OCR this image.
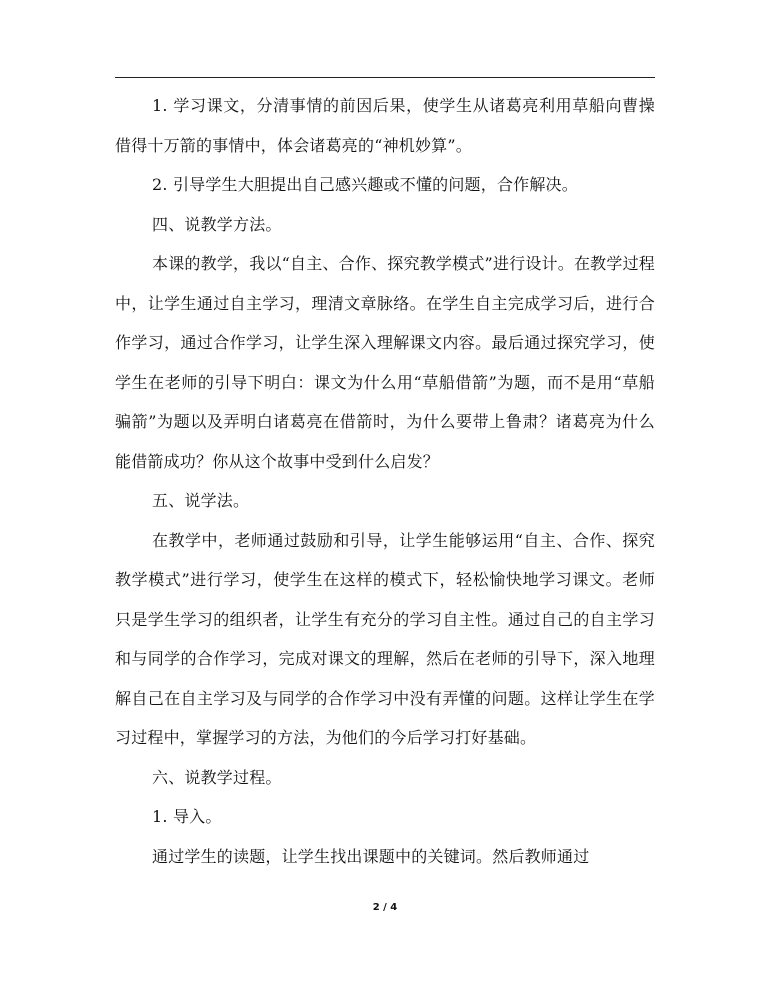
1. 学习课文，分清事情的前因后果，使学生从诸葛亮利用草船向曹操借得十万箭的事情中，体会诸葛亮的“神机妙算”。

2. 引导学生大胆提出自己感兴趣或不懂的问题，合作解决。

四、说教学方法。

本课的教学，我以“自主、合作、探究教学模式”进行设计。在教学过程中，让学生通过自主学习，理清文章脉络。在学生自主完成学习后，进行合作学习，通过合作学习，让学生深入理解课文内容。最后通过探究学习，使学生在老师的引导下明白：课文为什么用“草船借箭”为题，而不是用“草船骗箭”为题以及弄明白诸葛亮在借箭时，为什么要带上鲁肃？诸葛亮为什么能借箭成功？你从这个故事中受到什么启发？

五、说学法。

在教学中，老师通过鼓励和引导，让学生能够运用“自主、合作、探究教学模式”进行学习，使学生在这样的模式下，轻松愉快地学习课文。老师只是学生学习的组织者，让学生有充分的学习自主性。通过自己的自主学习和与同学的合作学习，完成对课文的理解，然后在老师的引导下，深入地理解自己在自主学习及与同学的合作学习中没有弄懂的问题。这样让学生在学习过程中，掌握学习的方法，为他们的今后学习打好基础。

六、说教学过程。

1. 导入。

通过学生的读题，让学生找出课题中的关键词。然后教师通过

2 / 4
